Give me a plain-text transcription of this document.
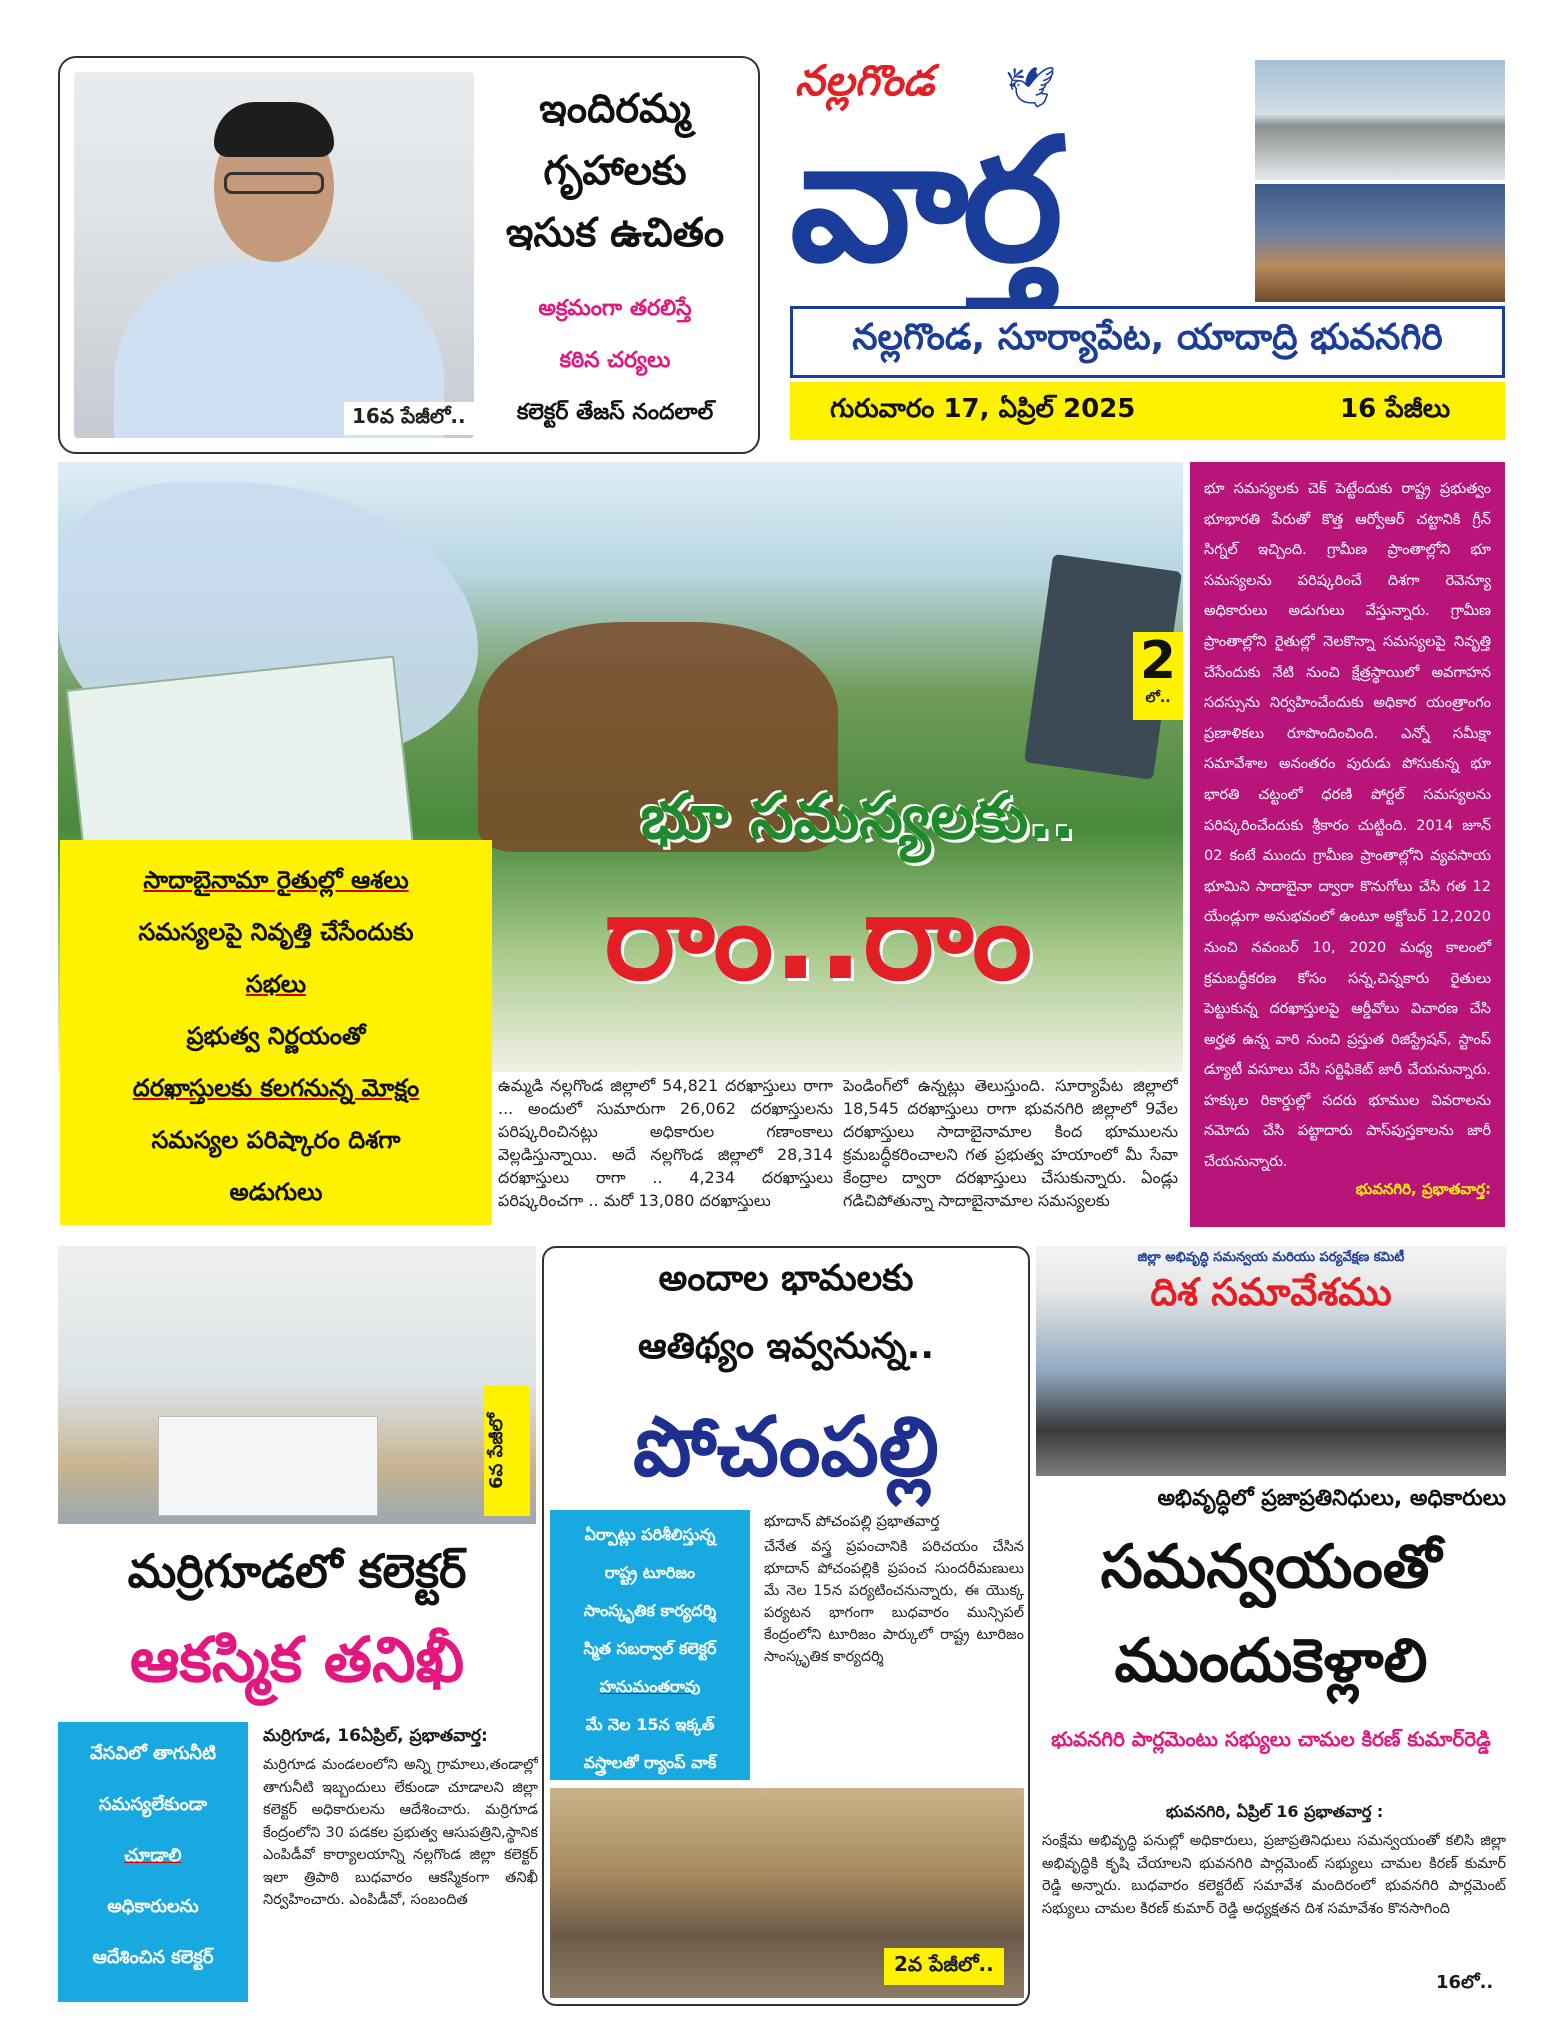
16వ పేజీలో..
ఇందిరమ్మ
గృహాలకు
ఇసుక ఉచితం
అక్రమంగా తరలిస్తే
కఠిన చర్యలు
కలెక్టర్ తేజస్ నందలాల్
నల్లగొండ 🕊
వార్త
నల్లగొండ, సూర్యాపేట, యాదాద్రి భువనగిరి
గురువారం 17, ఏప్రిల్ 2025	16 పేజీలు
2
లో..
భూ సమస్యలకు..
రాం..రాం
సాదాబైనామా రైతుల్లో ఆశలు
సమస్యలపై నివృత్తి చేసేందుకు
సభలు
ప్రభుత్వ నిర్ణయంతో
దరఖాస్తులకు కలగనున్న మోక్షం
సమస్యల పరిష్కారం దిశగా
అడుగులు
ఉమ్మడి నల్లగొండ జిల్లాలో 54,821 దరఖాస్తులు రాగా ... అందులో సుమారుగా 26,062 దరఖాస్తులను పరిష్కరించినట్లు అధికారుల గణాంకాలు వెల్లడిస్తున్నాయి. అదే నల్లగొండ జిల్లాలో 28,314 దరఖాస్తులు రాగా .. 4,234 దరఖాస్తులు పరిష్కరించగా .. మరో 13,080 దరఖాస్తులు
పెండింగ్‌లో ఉన్నట్లు తెలుస్తుంది. సూర్యాపేట జిల్లాలో 18,545 దరఖాస్తులు రాగా భువనగిరి జిల్లాలో 9వేల దరఖాస్తులు సాదాబైనామాల కింద భూములను క్రమబద్ధీకరించాలని గత ప్రభుత్వ హయాంలో మీ సేవా కేంద్రాల ద్వారా దరఖాస్తులు చేసుకున్నారు. ఏండ్లు గడిచిపోతున్నా సాదాబైనామాల సమస్యలకు
భూ సమస్యలకు చెక్ పెట్టేందుకు రాష్ట్ర ప్రభుత్వం భూభారతి పేరుతో కొత్త ఆర్వోఆర్ చట్టానికి గ్రీన్ సిగ్నల్ ఇచ్చింది. గ్రామీణ ప్రాంతాల్లోని భూ సమస్యలను పరిష్కరించే దిశగా రెవెన్యూ అధికారులు అడుగులు వేస్తున్నారు. గ్రామీణ ప్రాంతాల్లోని రైతుల్లో నెలకొన్నా సమస్యలపై నివృత్తి చేసేందుకు నేటి నుంచి క్షేత్రస్థాయిలో అవగాహన సదస్సును నిర్వహించేందుకు అధికార యంత్రాంగం ప్రణాళికలు రూపొందించింది. ఎన్నో సమీక్షా సమావేశాల అనంతరం పురుడు పోసుకున్న భూ భారతి చట్టంలో ధరణి పోర్టల్ సమస్యలను పరిష్కరించేందుకు శ్రీకారం చుట్టింది. 2014 జూన్ 02 కంటే ముందు గ్రామీణ ప్రాంతాల్లోని వ్యవసాయ భూమిని సాదాబైనా ద్వారా కొనుగోలు చేసి గత 12 యేండ్లుగా అనుభవంలో ఉంటూ అక్టోబర్ 12,2020 నుంచి నవంబర్ 10, 2020 మధ్య కాలంలో క్రమబద్ధీకరణ కోసం సన్న,చిన్నకారు రైతులు పెట్టుకున్న దరఖాస్తులపై ఆర్డీవోలు విచారణ చేసి అర్హత ఉన్న వారి నుంచి ప్రస్తుత రిజిస్ట్రేషన్, స్టాంప్ డ్యూటీ వసూలు చేసి సర్టిఫికెట్ జారీ చేయనున్నారు. హక్కుల రికార్డుల్లో సదరు భూముల వివరాలను నమోదు చేసి పట్టాదారు పాస్‌పుస్తకాలను జారీ చేయనున్నారు.
భువనగిరి, ప్రభాతవార్త:
6వ పేజీలో
మర్రిగూడలో కలెక్టర్
ఆకస్మిక తనిఖీ
వేసవిలో తాగునీటి
సమస్యలేకుండా
చూడాలి
అధికారులను
ఆదేశించిన కలెక్టర్
మర్రిగూడ, 16ఏప్రిల్, ప్రభాతవార్త:
మర్రిగూడ మండలంలోని అన్ని గ్రామాలు,తండాల్లో తాగునీటి ఇబ్బందులు లేకుండా చూడాలని జిల్లా కలెక్టర్ అధికారులను ఆదేశించారు. మర్రిగూడ కేంద్రంలోని 30 పడకల ప్రభుత్వ ఆసుపత్రిని,స్థానిక ఎంపిడీవో కార్యాలయాన్ని నల్లగొండ జిల్లా కలెక్టర్ ఇలా త్రిపాఠి బుధవారం ఆకస్మికంగా తనిఖీ నిర్వహించారు. ఎంపిడీవో, సంబందిత
అందాల భామలకు
ఆతిథ్యం ఇవ్వనున్న..
పోచంపల్లి
ఏర్పాట్లు పరిశీలిస్తున్న
రాష్ట్ర టూరిజం
సాంస్కృతిక కార్యదర్శి
స్మిత సబర్వాల్ కలెక్టర్
హనుమంతరావు
మే నెల 15న ఇక్కత్
వస్త్రాలతో ర్యాంప్ వాక్
భూదాన్ పోచంపల్లి ప్రభాతవార్త
చేనేత వస్త్ర ప్రపంచానికి పరిచయం చేసిన భూదాన్ పోచంపల్లికి ప్రపంచ సుందరీమణులు మే నెల 15న పర్యటించనున్నారు, ఈ యొక్క పర్యటన భాగంగా బుధవారం మున్సిపల్ కేంద్రంలోని టూరిజం పార్కులో రాష్ట్ర టూరిజం సాంస్కృతిక కార్యదర్శి
2వ పేజీలో..
జిల్లా అభివృద్ధి సమన్వయ మరియు పర్యవేక్షణ కమిటీ
దిశ సమావేశము
అభివృద్ధిలో ప్రజాప్రతినిధులు, అధికారులు
సమన్వయంతో
ముందుకెళ్లాలి
భువనగిరి పార్లమెంటు సభ్యులు చామల కిరణ్ కుమార్‌రెడ్డి
భువనగిరి, ఏప్రిల్ 16 ప్రభాతవార్త :
సంక్షేమ అభివృద్ధి పనుల్లో అధికారులు, ప్రజాప్రతినిధులు సమన్వయంతో కలిసి జిల్లా అభివృద్ధికి కృషి చేయాలని భువనగిరి పార్లమెంట్ సభ్యులు చామల కిరణ్ కుమార్ రెడ్డి అన్నారు. బుధవారం కలెక్టరేట్ సమావేశ మందిరంలో భువనగిరి పార్లమెంట్ సభ్యులు చామల కిరణ్ కుమార్ రెడ్డి అధ్యక్షతన దిశ సమావేశం కొనసాగింది
16లో..
